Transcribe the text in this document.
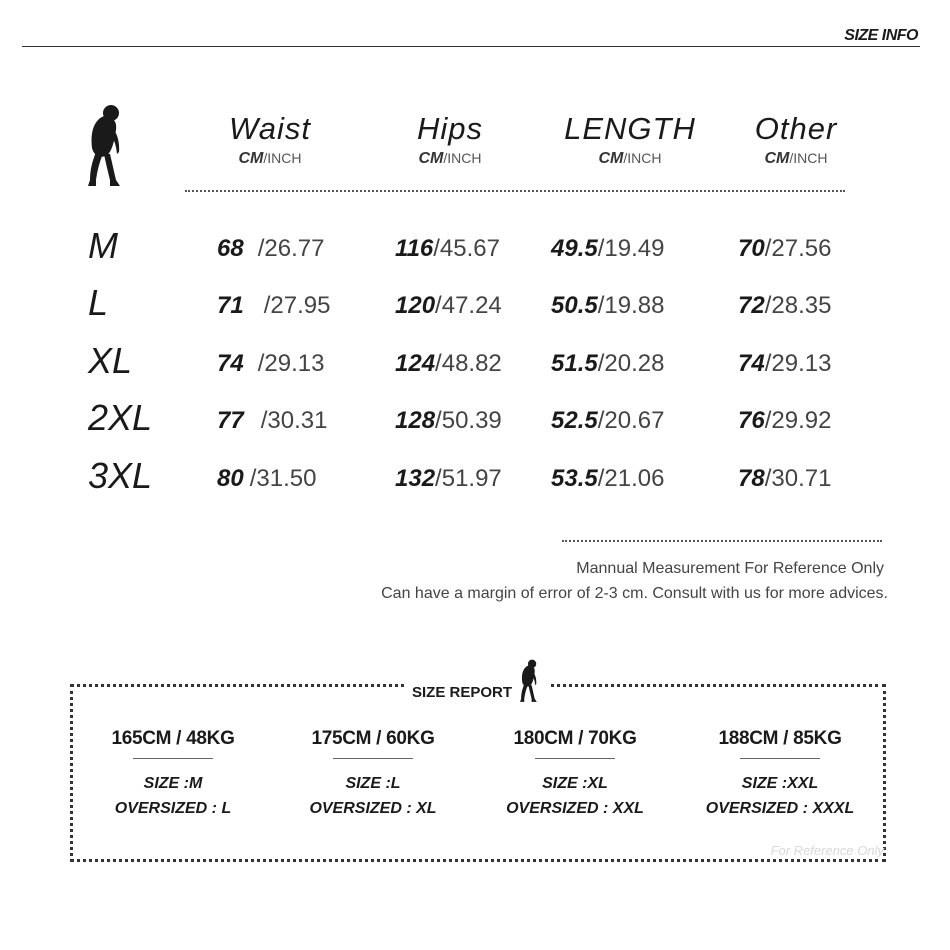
SIZE INFO
Waist
CM/INCH
Hips
CM/INCH
LENGTH
CM/INCH
Other
CM/INCH
M	68 /26.77	116/45.67 49.5/19.49	70/27.56
L	71 /27.95	120/47.24 50.5/19.88	72/28.35
XL	74 /29.13	124/48.82 51.5/20.28	74/29.13
2XL	77 /30.31	128/50.39 52.5/20.67	76/29.92
3XL	80 /31.50	132/51.97 53.5/21.06	78/30.71
Mannual Measurement For Reference Only
Can have a margin of error of 2-3 cm. Consult with us for more advices.
SIZE REPORT
165CM / 48KG
SIZE :M
OVERSIZED : L
175CM / 60KG
SIZE :L
OVERSIZED : XL
180CM / 70KG
SIZE :XL
OVERSIZED : XXL
188CM / 85KG
SIZE :XXL
OVERSIZED : XXXL
For Reference Only
